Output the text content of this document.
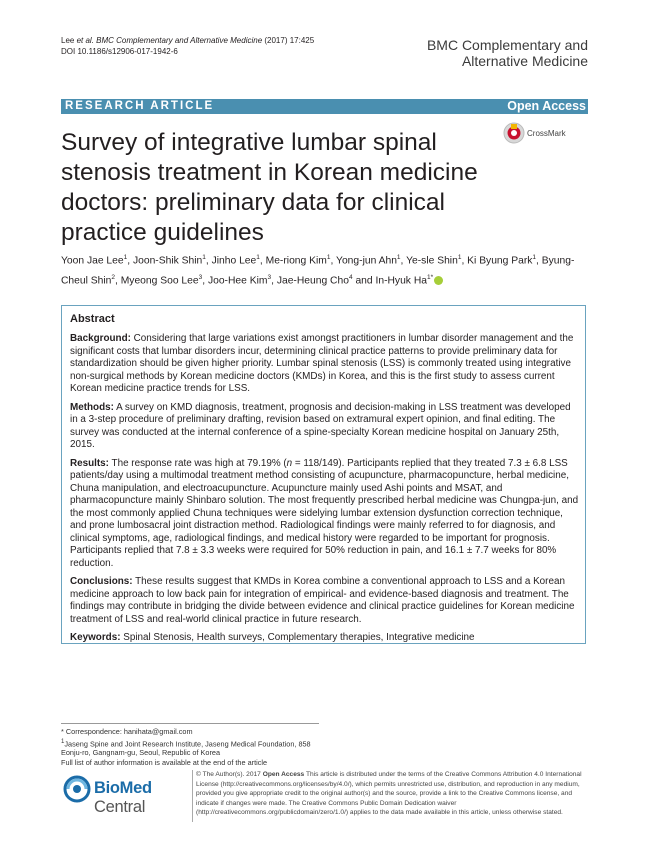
Lee et al. BMC Complementary and Alternative Medicine (2017) 17:425
DOI 10.1186/s12906-017-1942-6	BMC Complementary and
Alternative Medicine
RESEARCH ARTICLE	Open Access
Survey of integrative lumbar spinal stenosis treatment in Korean medicine doctors: preliminary data for clinical practice guidelines
CrossMark
Yoon Jae Lee$^1$, Joon-Shik Shin$^1$, Jinho Lee$^1$, Me-riong Kim$^1$, Yong-jun Ahn$^1$, Ye-sle Shin$^1$, Ki Byung Park$^1$, Byung-Cheul Shin$^2$, Myeong Soo Lee$^3$, Joo-Hee Kim$^3$, Jae-Heung Cho$^4$ and In-Hyuk $Ha^{1*}$
Abstract

Background: Considering that large variations exist amongst practitioners in lumbar disorder management and the significant costs that lumbar disorders incur, determining clinical practice patterns to provide preliminary data for standardization should be given higher priority. Lumbar spinal stenosis (LSS) is commonly treated using integrative non-surgical methods by Korean medicine doctors (KMDs) in Korea, and this is the first study to assess current Korean medicine practice trends for LSS.

Methods: A survey on KMD diagnosis, treatment, prognosis and decision-making in LSS treatment was developed in a 3-step procedure of preliminary drafting, revision based on extramural expert opinion, and final editing. The survey was conducted at the internal conference of a spine-specialty Korean medicine hospital on January 25th, 2015.

Results: The response rate was high at 79.19% (n = 118/149). Participants replied that they treated 7.3 ± 6.8 LSS patients/day using a multimodal treatment method consisting of acupuncture, pharmacopuncture, herbal medicine, Chuna manipulation, and electroacupuncture. Acupuncture mainly used Ashi points and MSAT, and pharmacopuncture mainly Shinbaro solution. The most frequently prescribed herbal medicine was Chungpa-jun, and the most commonly applied Chuna techniques were sidelying lumbar extension dysfunction correction technique, and prone lumbosacral joint distraction method. Radiological findings were mainly referred to for diagnosis, and clinical symptoms, age, radiological findings, and medical history were regarded to be important for prognosis. Participants replied that 7.8 ± 3.3 weeks were required for 50% reduction in pain, and 16.1 ± 7.7 weeks for 80% reduction.

Conclusions: These results suggest that KMDs in Korea combine a conventional approach to LSS and a Korean medicine approach to low back pain for integration of empirical- and evidence-based diagnosis and treatment. The findings may contribute in bridging the divide between evidence and clinical practice guidelines for Korean medicine treatment of LSS and real-world clinical practice in future research.

Keywords: Spinal Stenosis, Health surveys, Complementary therapies, Integrative medicine

* Correspondence: hanihata@gmail.com
$^1$Jaseng Spine and Joint Research Institute, Jaseng Medical Foundation, 858 Eonju-ro, Gangnam-gu, Seoul, Republic of Korea
Full list of author information is available at the end of the article
BioMed Central
© The Author(s). 2017 Open Access This article is distributed under the terms of the Creative Commons Attribution 4.0 International License (http://creativecommons.org/licenses/by/4.0/), which permits unrestricted use, distribution, and reproduction in any medium, provided you give appropriate credit to the original author(s) and the source, provide a link to the Creative Commons license, and indicate if changes were made. The Creative Commons Public Domain Dedication waiver (http://creativecommons.org/publicdomain/zero/1.0/) applies to the data made available in this article, unless otherwise stated.
